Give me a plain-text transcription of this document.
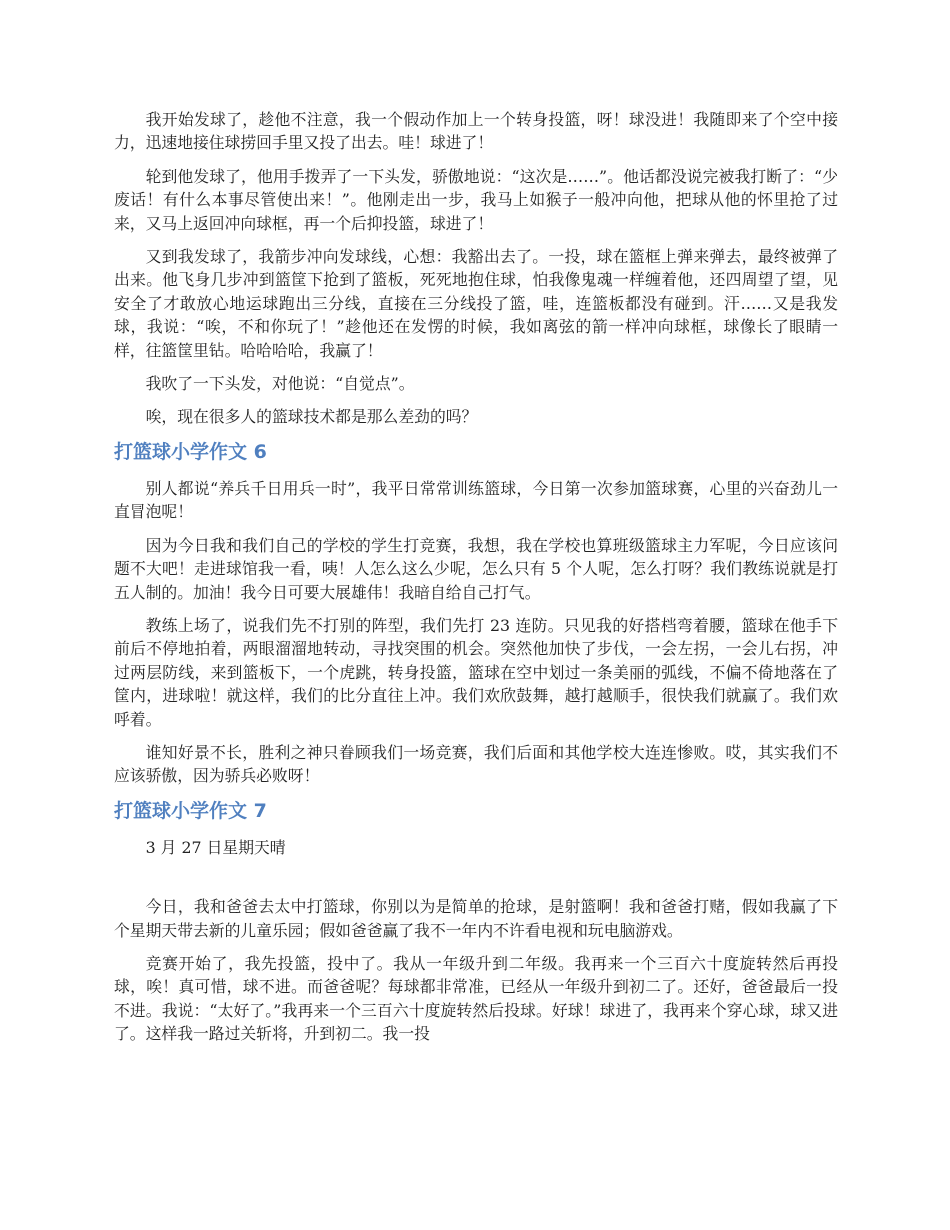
我开始发球了，趁他不注意，我一个假动作加上一个转身投篮，呀！球没进！我随即来了个空中接力，迅速地接住球捞回手里又投了出去。哇！球进了！

轮到他发球了，他用手拨弄了一下头发，骄傲地说：“这次是……”。他话都没说完被我打断了：“少废话！有什么本事尽管使出来！”。他刚走出一步，我马上如猴子一般冲向他，把球从他的怀里抢了过来，又马上返回冲向球框，再一个后抑投篮，球进了！

又到我发球了，我箭步冲向发球线，心想：我豁出去了。一投，球在篮框上弹来弹去，最终被弹了出来。他飞身几步冲到篮筐下抢到了篮板，死死地抱住球，怕我像鬼魂一样缠着他，还四周望了望，见安全了才敢放心地运球跑出三分线，直接在三分线投了篮，哇，连篮板都没有碰到。汗……又是我发球，我说：“唉，不和你玩了！”趁他还在发愣的时候，我如离弦的箭一样冲向球框，球像长了眼睛一样，往篮筐里钻。哈哈哈哈，我赢了！

我吹了一下头发，对他说：“自觉点”。

唉，现在很多人的篮球技术都是那么差劲的吗？

打篮球小学作文 6

别人都说“养兵千日用兵一时”，我平日常常训练篮球，今日第一次参加篮球赛，心里的兴奋劲儿一直冒泡呢！

因为今日我和我们自己的学校的学生打竞赛，我想，我在学校也算班级篮球主力军呢，今日应该问题不大吧！走进球馆我一看，咦！人怎么这么少呢，怎么只有 5 个人呢，怎么打呀？我们教练说就是打五人制的。加油！我今日可要大展雄伟！我暗自给自己打气。

教练上场了，说我们先不打别的阵型，我们先打 23 连防。只见我的好搭档弯着腰，篮球在他手下前后不停地拍着，两眼溜溜地转动，寻找突围的机会。突然他加快了步伐，一会左拐，一会儿右拐，冲过两层防线，来到篮板下，一个虎跳，转身投篮，篮球在空中划过一条美丽的弧线，不偏不倚地落在了筐内，进球啦！就这样，我们的比分直往上冲。我们欢欣鼓舞，越打越顺手，很快我们就赢了。我们欢呼着。

谁知好景不长，胜利之神只眷顾我们一场竞赛，我们后面和其他学校大连连惨败。哎，其实我们不应该骄傲，因为骄兵必败呀！

打篮球小学作文 7

3 月 27 日星期天晴

今日，我和爸爸去太中打篮球，你别以为是简单的抢球，是射篮啊！我和爸爸打赌，假如我赢了下个星期天带去新的儿童乐园；假如爸爸赢了我不一年内不许看电视和玩电脑游戏。

竞赛开始了，我先投篮，投中了。我从一年级升到二年级。我再来一个三百六十度旋转然后再投球，唉！真可惜，球不进。而爸爸呢？每球都非常准，已经从一年级升到初二了。还好，爸爸最后一投不进。我说：“太好了。”我再来一个三百六十度旋转然后投球。好球！球进了，我再来个穿心球，球又进了。这样我一路过关斩将，升到初二。我一投
